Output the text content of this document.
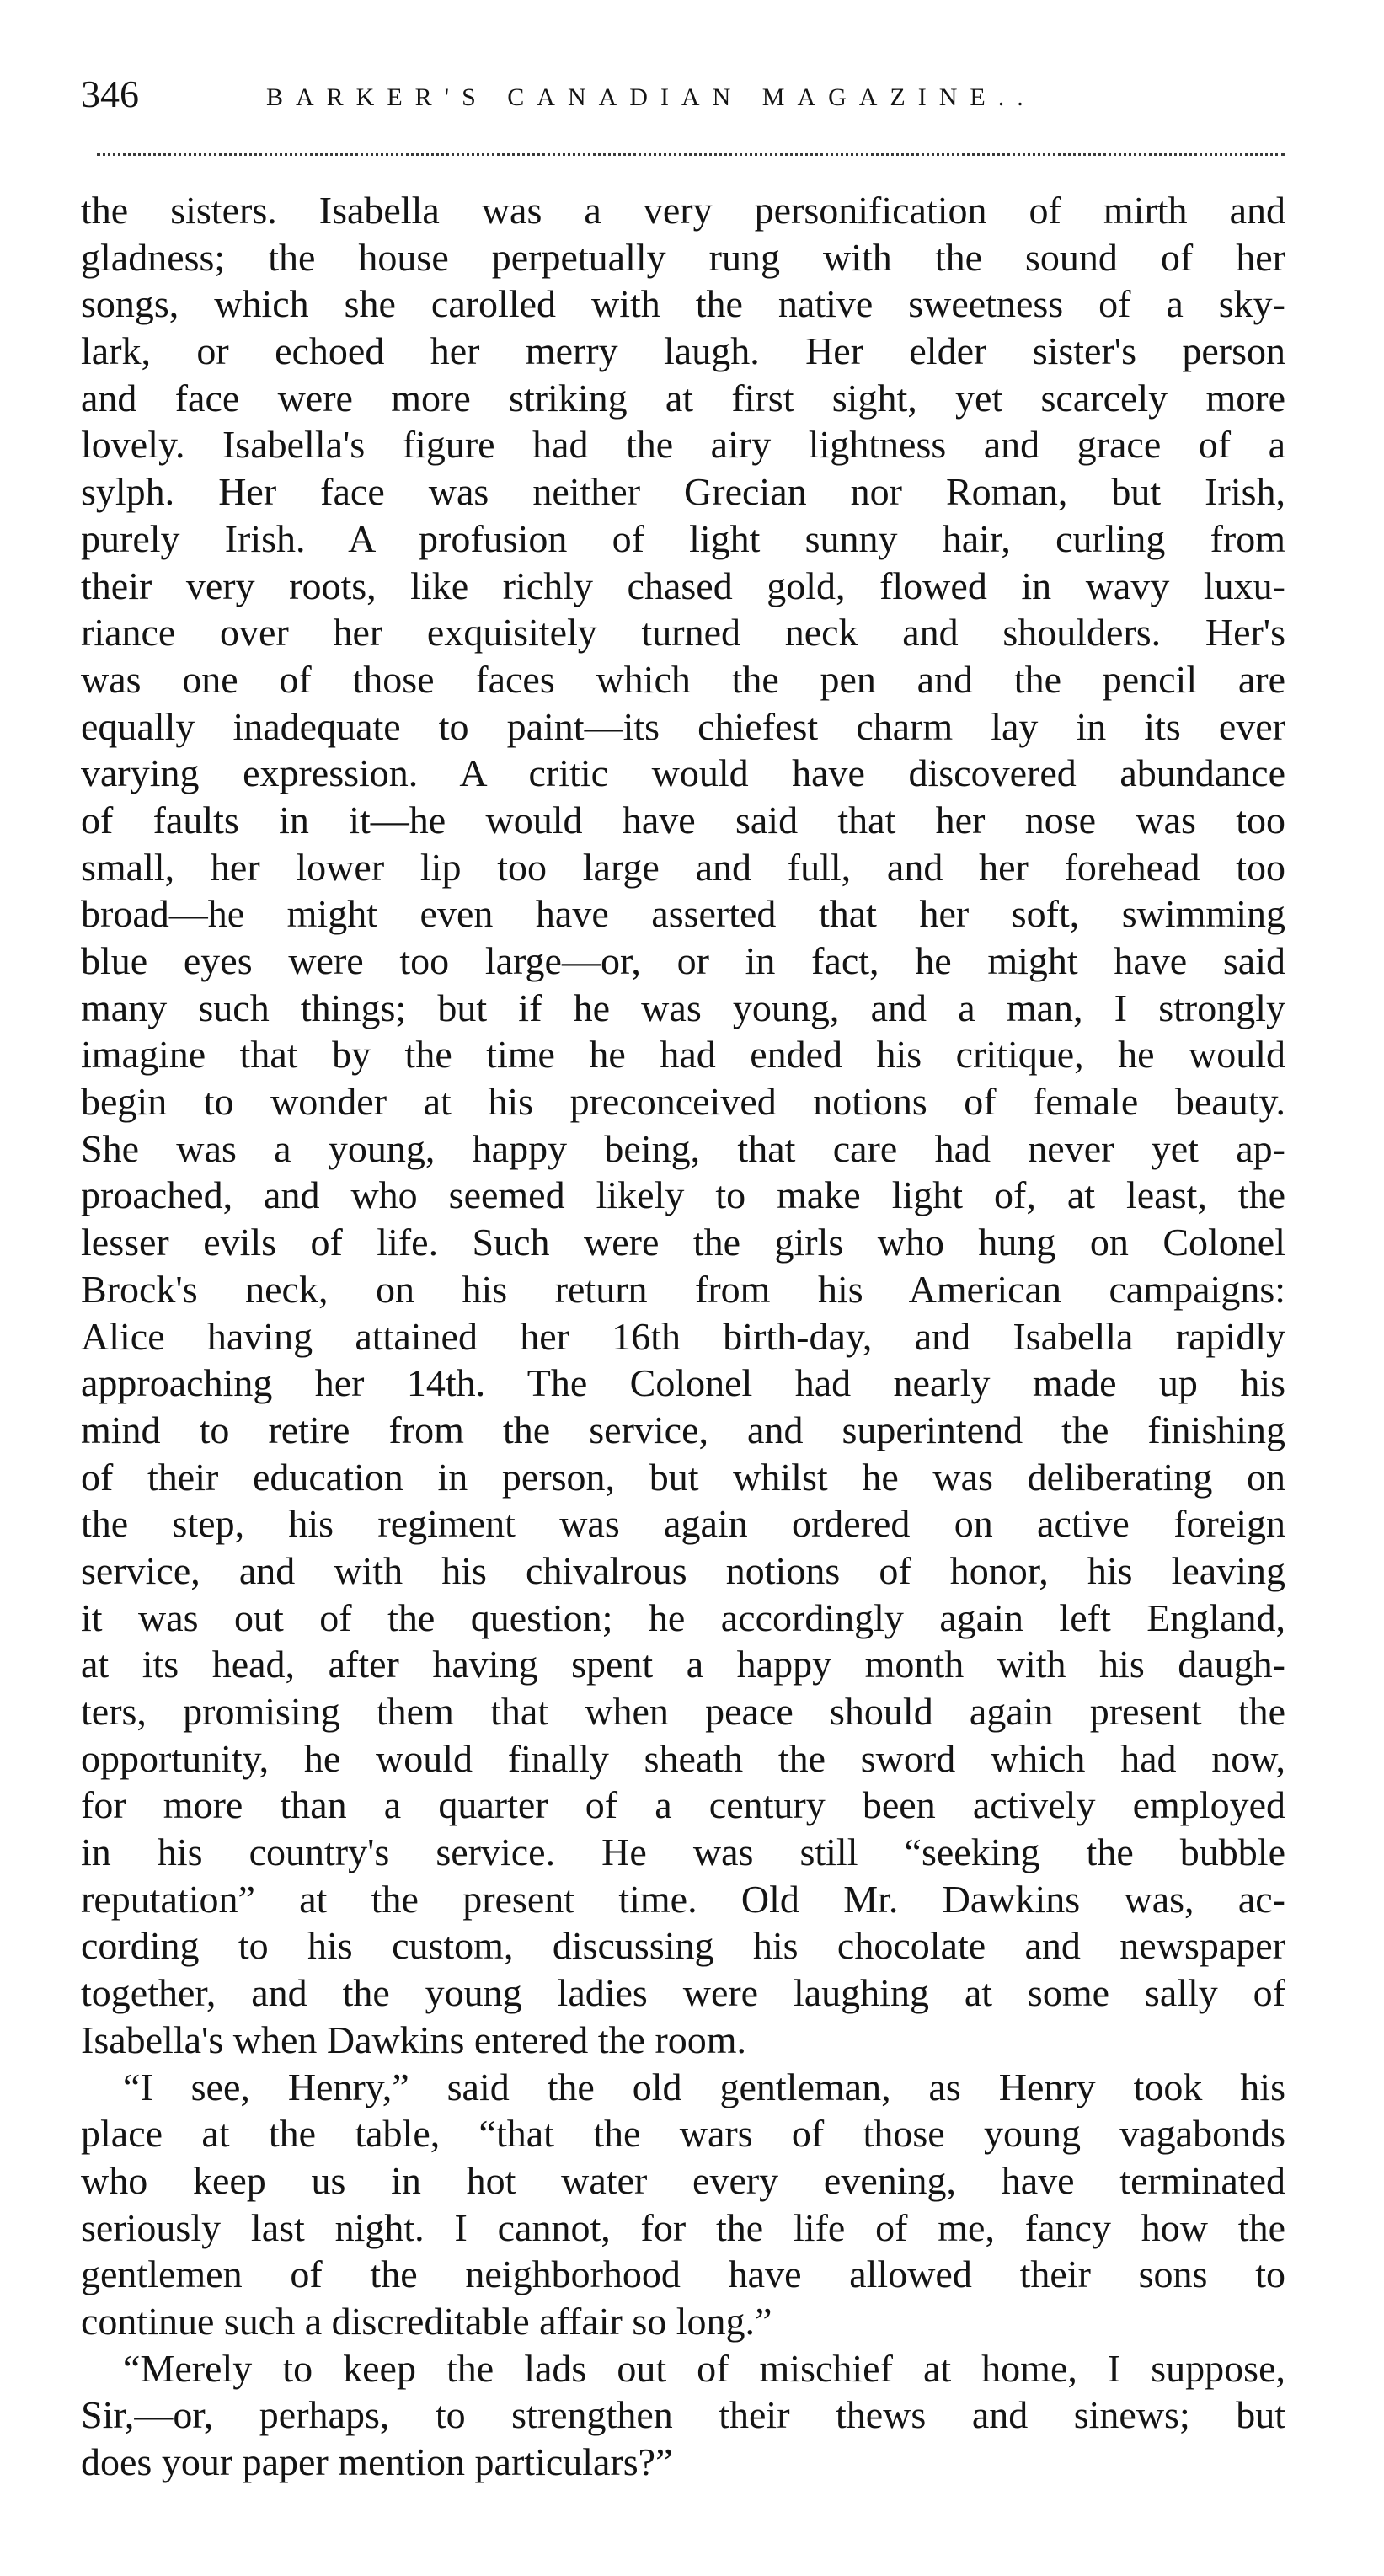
346	BARKER'S CANADIAN MAGAZINE..
the sisters. Isabella was a very personification of mirth and
gladness; the house perpetually rung with the sound of her
songs, which she carolled with the native sweetness of a sky-
lark, or echoed her merry laugh. Her elder sister's person
and face were more striking at first sight, yet scarcely more
lovely. Isabella's figure had the airy lightness and grace of a
sylph. Her face was neither Grecian nor Roman, but Irish,
purely Irish. A profusion of light sunny hair, curling from
their very roots, like richly chased gold, flowed in wavy luxu-
riance over her exquisitely turned neck and shoulders. Her's
was one of those faces which the pen and the pencil are
equally inadequate to paint—its chiefest charm lay in its ever
varying expression. A critic would have discovered abundance
of faults in it—he would have said that her nose was too
small, her lower lip too large and full, and her forehead too
broad—he might even have asserted that her soft, swimming
blue eyes were too large—or, or in fact, he might have said
many such things; but if he was young, and a man, I strongly
imagine that by the time he had ended his critique, he would
begin to wonder at his preconceived notions of female beauty.
She was a young, happy being, that care had never yet ap-
proached, and who seemed likely to make light of, at least, the
lesser evils of life. Such were the girls who hung on Colonel
Brock's neck, on his return from his American campaigns:
Alice having attained her 16th birth-day, and Isabella rapidly
approaching her 14th. The Colonel had nearly made up his
mind to retire from the service, and superintend the finishing
of their education in person, but whilst he was deliberating on
the step, his regiment was again ordered on active foreign
service, and with his chivalrous notions of honor, his leaving
it was out of the question; he accordingly again left England,
at its head, after having spent a happy month with his daugh-
ters, promising them that when peace should again present the
opportunity, he would finally sheath the sword which had now,
for more than a quarter of a century been actively employed
in his country's service. He was still “seeking the bubble
reputation” at the present time. Old Mr. Dawkins was, ac-
cording to his custom, discussing his chocolate and newspaper
together, and the young ladies were laughing at some sally of
Isabella's when Dawkins entered the room.
“I see, Henry,” said the old gentleman, as Henry took his
place at the table, “that the wars of those young vagabonds
who keep us in hot water every evening, have terminated
seriously last night. I cannot, for the life of me, fancy how the
gentlemen of the neighborhood have allowed their sons to
continue such a discreditable affair so long.”
“Merely to keep the lads out of mischief at home, I suppose,
Sir,—or, perhaps, to strengthen their thews and sinews; but
does your paper mention particulars?”
